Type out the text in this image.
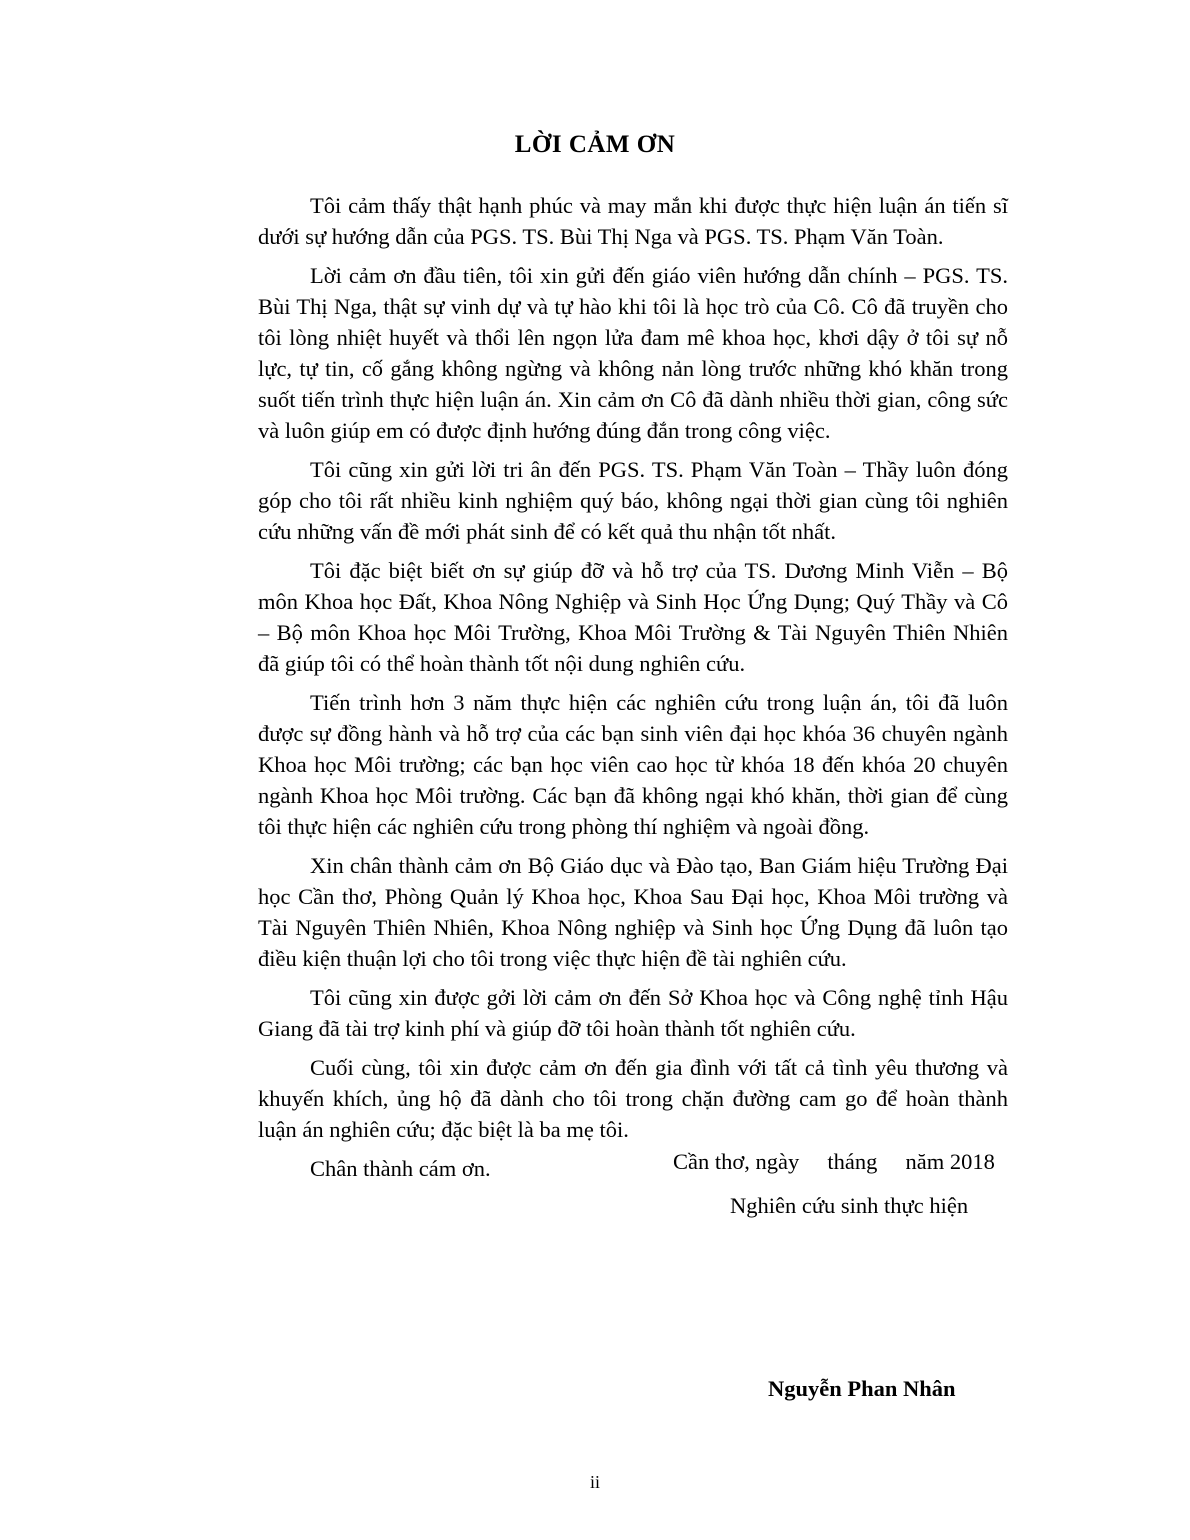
LỜI CẢM ƠN

Tôi cảm thấy thật hạnh phúc và may mắn khi được thực hiện luận án tiến sĩ dưới sự hướng dẫn của PGS. TS. Bùi Thị Nga và PGS. TS. Phạm Văn Toàn.

Lời cảm ơn đầu tiên, tôi xin gửi đến giáo viên hướng dẫn chính – PGS. TS. Bùi Thị Nga, thật sự vinh dự và tự hào khi tôi là học trò của Cô. Cô đã truyền cho tôi lòng nhiệt huyết và thổi lên ngọn lửa đam mê khoa học, khơi dậy ở tôi sự nỗ lực, tự tin, cố gắng không ngừng và không nản lòng trước những khó khăn trong suốt tiến trình thực hiện luận án. Xin cảm ơn Cô đã dành nhiều thời gian, công sức và luôn giúp em có được định hướng đúng đắn trong công việc.

Tôi cũng xin gửi lời tri ân đến PGS. TS. Phạm Văn Toàn – Thầy luôn đóng góp cho tôi rất nhiều kinh nghiệm quý báo, không ngại thời gian cùng tôi nghiên cứu những vấn đề mới phát sinh để có kết quả thu nhận tốt nhất.

Tôi đặc biệt biết ơn sự giúp đỡ và hỗ trợ của TS. Dương Minh Viễn – Bộ môn Khoa học Đất, Khoa Nông Nghiệp và Sinh Học Ứng Dụng; Quý Thầy và Cô – Bộ môn Khoa học Môi Trường, Khoa Môi Trường & Tài Nguyên Thiên Nhiên đã giúp tôi có thể hoàn thành tốt nội dung nghiên cứu.

Tiến trình hơn 3 năm thực hiện các nghiên cứu trong luận án, tôi đã luôn được sự đồng hành và hỗ trợ của các bạn sinh viên đại học khóa 36 chuyên ngành Khoa học Môi trường; các bạn học viên cao học từ khóa 18 đến khóa 20 chuyên ngành Khoa học Môi trường. Các bạn đã không ngại khó khăn, thời gian để cùng tôi thực hiện các nghiên cứu trong phòng thí nghiệm và ngoài đồng.

Xin chân thành cảm ơn Bộ Giáo dục và Đào tạo, Ban Giám hiệu Trường Đại học Cần thơ, Phòng Quản lý Khoa học, Khoa Sau Đại học, Khoa Môi trường và Tài Nguyên Thiên Nhiên, Khoa Nông nghiệp và Sinh học Ứng Dụng đã luôn tạo điều kiện thuận lợi cho tôi trong việc thực hiện đề tài nghiên cứu.

Tôi cũng xin được gởi lời cảm ơn đến Sở Khoa học và Công nghệ tỉnh Hậu Giang đã tài trợ kinh phí và giúp đỡ tôi hoàn thành tốt nghiên cứu.

Cuối cùng, tôi xin được cảm ơn đến gia đình với tất cả tình yêu thương và khuyến khích, ủng hộ đã dành cho tôi trong chặn đường cam go để hoàn thành luận án nghiên cứu; đặc biệt là ba mẹ tôi.

Chân thành cám ơn.	Cần thơ, ngày     tháng     năm 2018
Nghiên cứu sinh thực hiện
Nguyễn Phan Nhân
ii
